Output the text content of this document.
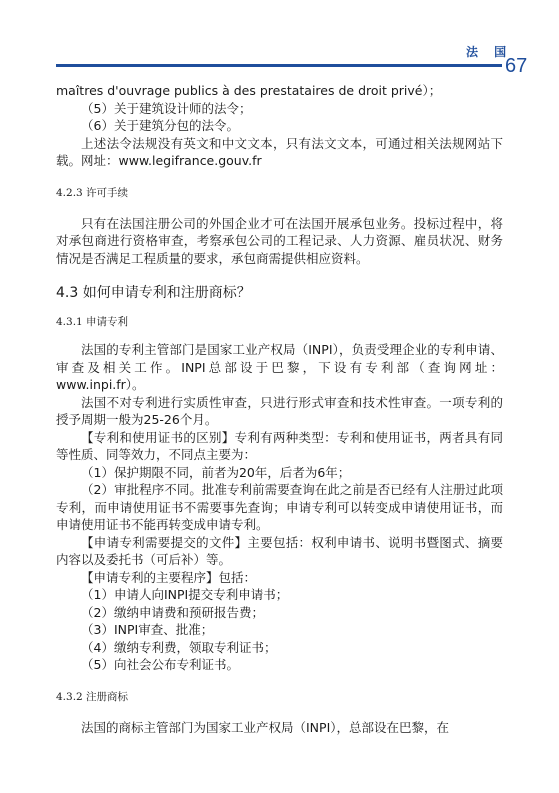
法 国
67

maîtres d'ouvrage publics à des prestataires de droit privé）；

（5）关于建筑设计师的法令；

（6）关于建筑分包的法令。

上述法令法规没有英文和中文文本，只有法文文本，可通过相关法规网站下载。网址：www.legifrance.gouv.fr

4.2.3 许可手续

只有在法国注册公司的外国企业才可在法国开展承包业务。投标过程中，将对承包商进行资格审查，考察承包公司的工程记录、人力资源、雇员状况、财务情况是否满足工程质量的要求，承包商需提供相应资料。

4.3 如何申请专利和注册商标？
4.3.1 申请专利

法国的专利主管部门是国家工业产权局（INPI），负责受理企业的专利申请、审查及相关工作。INPI总部设于巴黎，下设有专利部（查询网址：www.inpi.fr）。

法国不对专利进行实质性审查，只进行形式审查和技术性审查。一项专利的授予周期一般为25-26个月。

【专利和使用证书的区别】专利有两种类型：专利和使用证书，两者具有同等性质、同等效力，不同点主要为：

（1）保护期限不同，前者为20年，后者为6年；

（2）审批程序不同。批准专利前需要查询在此之前是否已经有人注册过此项专利，而申请使用证书不需要事先查询；申请专利可以转变成申请使用证书，而申请使用证书不能再转变成申请专利。

【申请专利需要提交的文件】主要包括：权利申请书、说明书暨图式、摘要内容以及委托书（可后补）等。

【申请专利的主要程序】包括：

（1）申请人向INPI提交专利申请书；

（2）缴纳申请费和预研报告费；

（3）INPI审查、批准；

（4）缴纳专利费，领取专利证书；

（5）向社会公布专利证书。

4.3.2 注册商标

法国的商标主管部门为国家工业产权局（INPI），总部设在巴黎，在
